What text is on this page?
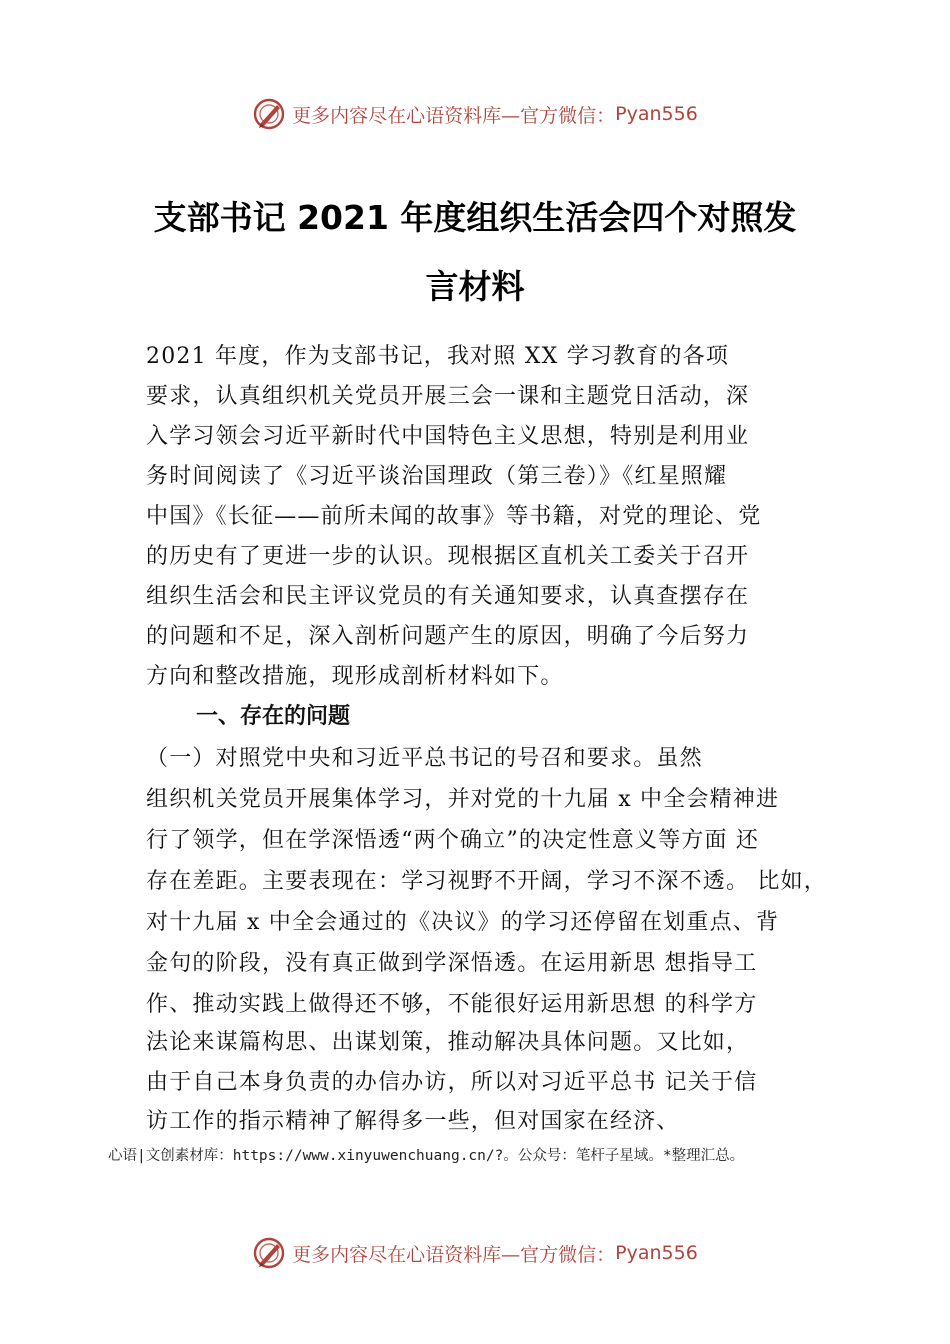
更多内容尽在心语资料库—官方微信： Pyan556
支部书记 2021 年度组织生活会四个对照发
言材料
2021 年度，作为支部书记，我对照 XX 学习教育的各项
要求，认真组织机关党员开展三会一课和主题党日活动，深
入学习领会习近平新时代中国特色主义思想，特别是利用业
务时间阅读了《习近平谈治国理政（第三卷）》《红星照耀
中国》《长征——前所未闻的故事》等书籍，对党的理论、党
的历史有了更进一步的认识。现根据区直机关工委关于召开
组织生活会和民主评议党员的有关通知要求，认真查摆存在
的问题和不足，深入剖析问题产生的原因，明确了今后努力
方向和整改措施，现形成剖析材料如下。
一、存在的问题
（一）对照党中央和习近平总书记的号召和要求。虽然
组织机关党员开展集体学习，并对党的十九届 x 中全会精神进
行了领学，但在学深悟透“两个确立”的决定性意义等方面 还
存在差距。主要表现在：学习视野不开阔，学习不深不透。 比如，
对十九届 x 中全会通过的《决议》的学习还停留在划重点、背
金句的阶段，没有真正做到学深悟透。在运用新思 想指导工
作、推动实践上做得还不够，不能很好运用新思想 的科学方
法论来谋篇构思、出谋划策，推动解决具体问题。又比如，
由于自己本身负责的办信办访，所以对习近平总书 记关于信
访工作的指示精神了解得多一些，但对国家在经济、
心语|文创素材库：https://www.xinyuwenchuang.cn/?。公众号：笔杆子星域。*整理汇总。
更多内容尽在心语资料库—官方微信： Pyan556
